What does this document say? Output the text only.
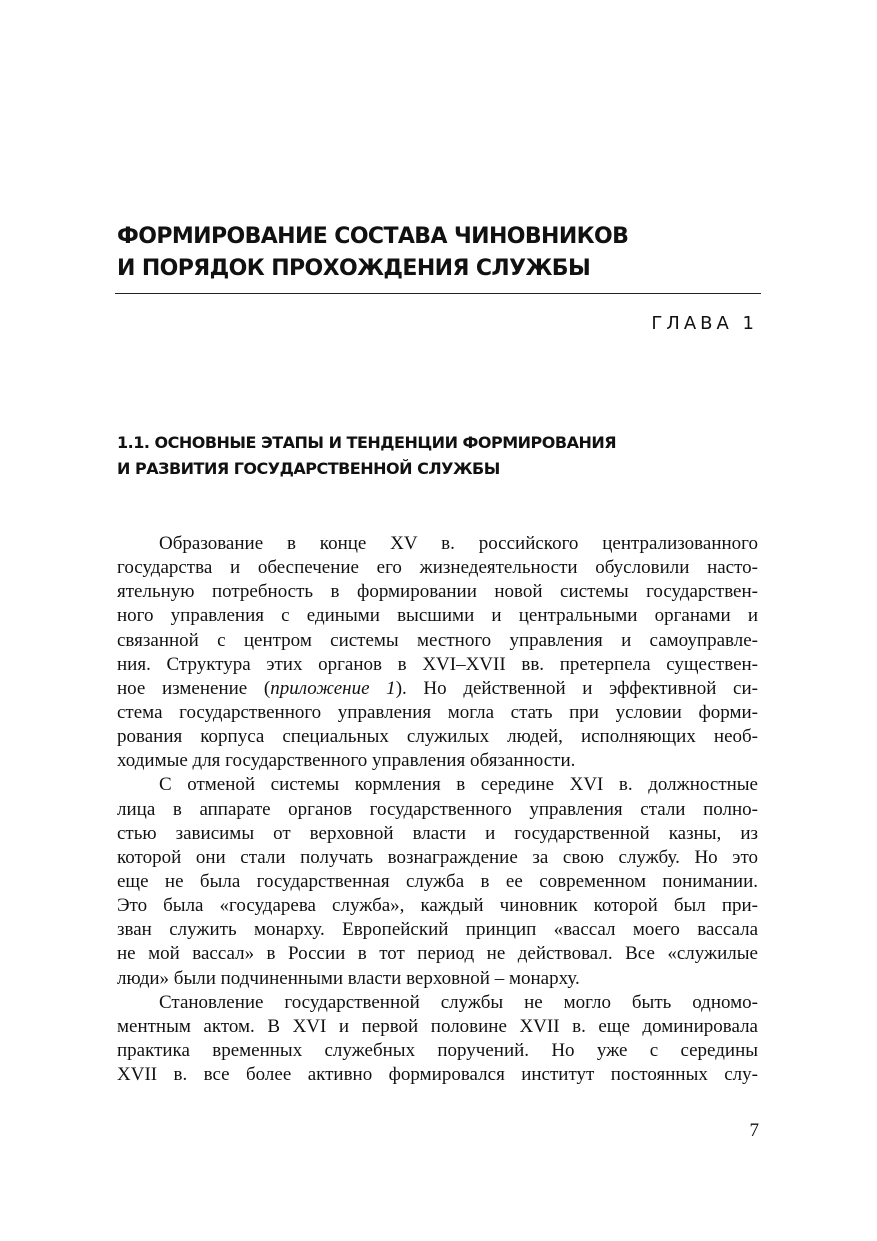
ФОРМИРОВАНИЕ СОСТАВА ЧИНОВНИКОВ
И ПОРЯДОК ПРОХОЖДЕНИЯ СЛУЖБЫ
ГЛАВА 1
1.1. ОСНОВНЫЕ ЭТАПЫ И ТЕНДЕНЦИИ ФОРМИРОВАНИЯ
И РАЗВИТИЯ ГОСУДАРСТВЕННОЙ СЛУЖБЫ
Образование в конце XV в. российского централизованного
государства и обеспечение его жизнедеятельности обусловили насто-
ятельную потребность в формировании новой системы государствен-
ного управления с едиными высшими и центральными органами и
связанной с центром системы местного управления и самоуправле-
ния. Структура этих органов в XVI–XVII вв. претерпела существен-
ное изменение (приложение 1). Но действенной и эффективной си-
стема государственного управления могла стать при условии форми-
рования корпуса специальных служилых людей, исполняющих необ-
ходимые для государственного управления обязанности.
С отменой системы кормления в середине XVI в. должностные
лица в аппарате органов государственного управления стали полно-
стью зависимы от верховной власти и государственной казны, из
которой они стали получать вознаграждение за свою службу. Но это
еще не была государственная служба в ее современном понимании.
Это была «государева служба», каждый чиновник которой был при-
зван служить монарху. Европейский принцип «вассал моего вассала
не мой вассал» в России в тот период не действовал. Все «служилые
люди» были подчиненными власти верховной – монарху.
Становление государственной службы не могло быть одномо-
ментным актом. В XVI и первой половине XVII в. еще доминировала
практика временных служебных поручений. Но уже с середины
XVII в. все более активно формировался институт постоянных слу-
7
